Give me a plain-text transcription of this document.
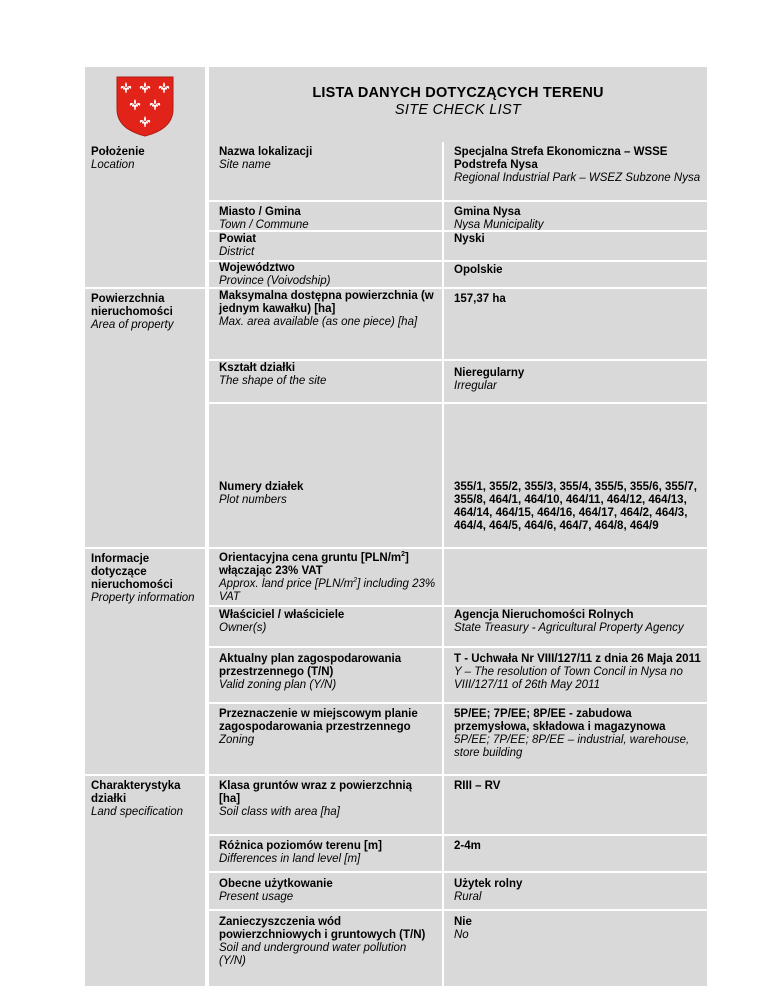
LISTA DANYCH DOTYCZĄCYCH TERENU
SITE CHECK LIST
Położenie
Location
Powierzchnia nieruchomości
Area of property
Informacje dotyczące nieruchomości
Property information
Charakterystyka działki
Land specification
Nazwa lokalizacji
Site name
Specjalna Strefa Ekonomiczna – WSSE Podstrefa Nysa
Regional Industrial Park – WSEZ Subzone Nysa
Miasto / Gmina
Town / Commune
Gmina Nysa
Nysa Municipality
Powiat
District
Nyski
Województwo
Province (Voivodship)
Opolskie
Maksymalna dostępna powierzchnia (w jednym kawałku) [ha]
Max. area available (as one piece) [ha]
157,37 ha
Kształt działki
The shape of the site
Nieregularny
Irregular
Numery działek
Plot numbers
355/1, 355/2, 355/3, 355/4, 355/5, 355/6, 355/7, 355/8, 464/1, 464/10, 464/11, 464/12, 464/13, 464/14, 464/15, 464/16, 464/17, 464/2, 464/3, 464/4, 464/5, 464/6, 464/7, 464/8, 464/9
Orientacyjna cena gruntu $[PLN/m^2]$ włączając 23% VAT
Approx. land price $[PLN/m^2]$ including 23% VAT
Właściciel / właściciele
Owner(s)
Agencja Nieruchomości Rolnych
State Treasury - Agricultural Property Agency
Aktualny plan zagospodarowania przestrzennego (T/N)
Valid zoning plan (Y/N)
T - Uchwała Nr VIII/127/11 z dnia 26 Maja 2011
Y – The resolution of Town Concil in Nysa no VIII/127/11 of 26th May 2011
Przeznaczenie w miejscowym planie zagospodarowania przestrzennego
Zoning
5P/EE; 7P/EE; 8P/EE - zabudowa przemysłowa, składowa i magazynowa
5P/EE; 7P/EE; 8P/EE – industrial, warehouse, store building
Klasa gruntów wraz z powierzchnią [ha]
Soil class with area [ha]
RIII – RV
Różnica poziomów terenu [m]
Differences in land level [m]
2-4m
Obecne użytkowanie
Present usage
Użytek rolny
Rural
Zanieczyszczenia wód powierzchniowych i gruntowych (T/N)
Soil and underground water pollution (Y/N)
Nie
No
